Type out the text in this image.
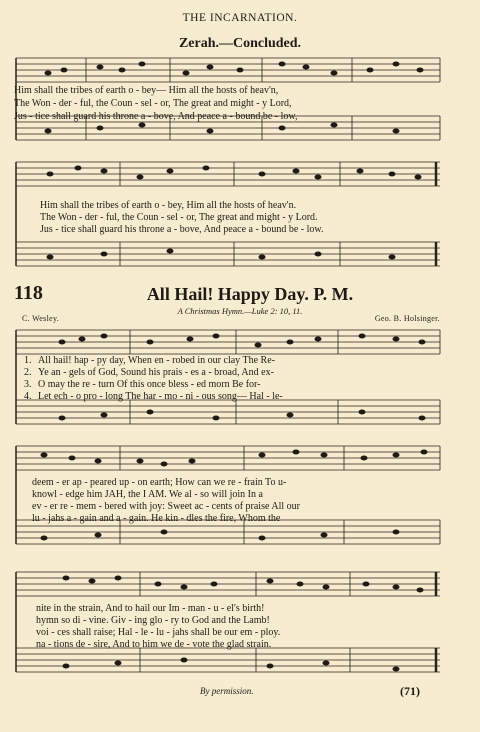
THE INCARNATION.
Zerah.—Concluded.
Him shall the tribes of earth o - bey— Him all the hosts of heav'n,
The Won - der - ful, the Coun - sel - or, The great and might - y Lord,
Jus - tice shall guard his throne a - bove, And peace a - bound be - low,
Him shall the tribes of earth o - bey, Him all the hosts of heav'n.
The Won - der - ful, the Coun - sel - or, The great and might - y Lord.
Jus - tice shall guard his throne a - bove, And peace a - bound be - low.
118	All Hail! Happy Day. P. M.
A Christmas Hymn.—Luke 2: 10, 11.
C. Wesley.	Geo. B. Holsinger.
1. All hail! hap - py day, When en - robed in our clay The Re-
2. Ye an - gels of God, Sound his prais - es a - broad, And ex-
3. O may the re - turn Of this once bless - ed morn Be for-
4. Let ech - o pro - long The har - mo - ni - ous song— Hal - le-
deem - er ap - peared up - on earth; How can we re - frain To u-
knowl - edge him JAH, the I AM. We al - so will join In a
ev - er re - mem - bered with joy: Sweet ac - cents of praise All our
lu - jahs a - gain and a - gain. He kin - dles the fire, Whom the
nite in the strain, And to hail our Im - man - u - el's birth!
hymn so di - vine. Giv - ing glo - ry to God and the Lamb!
voi - ces shall raise; Hal - le - lu - jahs shall be our em - ploy.
na - tions de - sire, And to him we de - vote the glad strain.
By permission.	(71)
